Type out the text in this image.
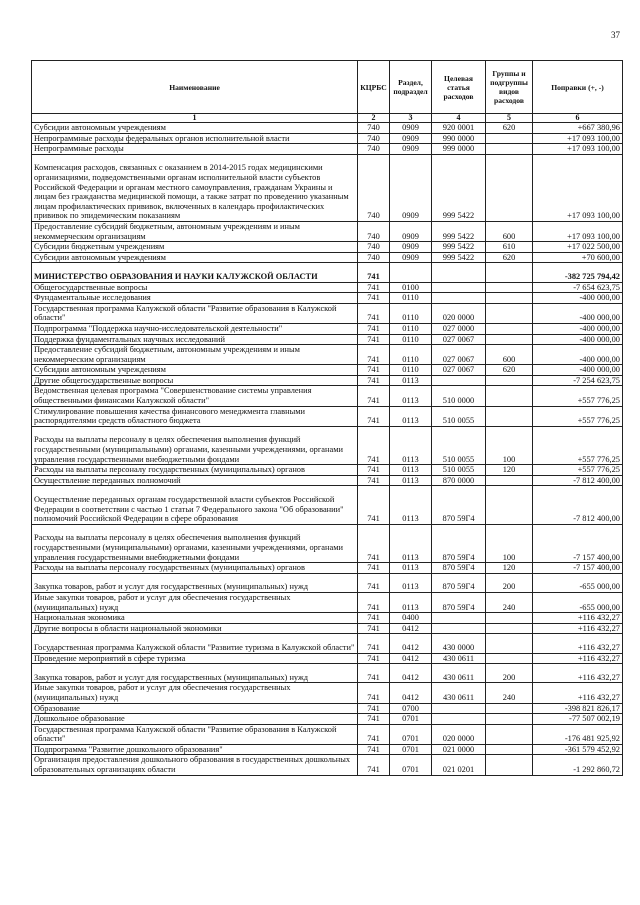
37
Наименование	КЦРБС	Раздел, подраздел	Целевая статья расходов	Группы и подгруппы видов расходов	Поправки (+, -)
1	2	3	4	5	6
Субсидии автономным учреждениям	740	0909	920 0001	620	+667 380,96
Непрограммные расходы федеральных органов исполнительной власти	740	0909	990 0000		+17 093 100,00
Непрограммные расходы	740	0909	999 0000		+17 093 100,00
Компенсация расходов, связанных с оказанием в 2014-2015 годах медицинскими организациями, подведомственными органам исполнительной власти субъектов Российской Федерации и органам местного самоуправления, гражданам Украины и лицам без гражданства медицинской помощи, а также затрат по проведению указанным лицам профилактических прививок, включенных в календарь профилактических прививок по эпидемическим показаниям	740	0909	999 5422		+17 093 100,00
Предоставление субсидий бюджетным, автономным учреждениям и иным некоммерческим организациям	740	0909	999 5422	600	+17 093 100,00
Субсидии бюджетным учреждениям	740	0909	999 5422	610	+17 022 500,00
Субсидии автономным учреждениям	740	0909	999 5422	620	+70 600,00
МИНИСТЕРСТВО ОБРАЗОВАНИЯ И НАУКИ КАЛУЖСКОЙ ОБЛАСТИ	741				-382 725 794,42
Общегосударственные вопросы	741	0100			-7 654 623,75
Фундаментальные исследования	741	0110			-400 000,00
Государственная программа Калужской области "Развитие образования в Калужской области"	741	0110	020 0000		-400 000,00
Подпрограмма "Поддержка научно-исследовательской деятельности"	741	0110	027 0000		-400 000,00
Поддержка фундаментальных научных исследований	741	0110	027 0067		-400 000,00
Предоставление субсидий бюджетным, автономным учреждениям и иным некоммерческим организациям	741	0110	027 0067	600	-400 000,00
Субсидии автономным учреждениям	741	0110	027 0067	620	-400 000,00
Другие общегосударственные вопросы	741	0113			-7 254 623,75
Ведомственная целевая программа "Совершенствование системы управления общественными финансами Калужской области"	741	0113	510 0000		+557 776,25
Стимулирование повышения качества финансового менеджмента главными распорядителями средств областного бюджета	741	0113	510 0055		+557 776,25
Расходы на выплаты персоналу в целях обеспечения выполнения функций государственными (муниципальными) органами, казенными учреждениями, органами управления государственными внебюджетными фондами	741	0113	510 0055	100	+557 776,25
Расходы на выплаты персоналу государственных (муниципальных) органов	741	0113	510 0055	120	+557 776,25
Осуществление переданных полномочий	741	0113	870 0000		-7 812 400,00
Осуществление переданных органам государственной власти субъектов Российской Федерации в соответствии с частью 1 статьи 7 Федерального закона "Об образовании" полномочий Российской Федерации в сфере образования	741	0113	870 59Г4		-7 812 400,00
Расходы на выплаты персоналу в целях обеспечения выполнения функций государственными (муниципальными) органами, казенными учреждениями, органами управления государственными внебюджетными фондами	741	0113	870 59Г4	100	-7 157 400,00
Расходы на выплаты персоналу государственных (муниципальных) органов	741	0113	870 59Г4	120	-7 157 400,00
Закупка товаров, работ и услуг для государственных (муниципальных) нужд	741	0113	870 59Г4	200	-655 000,00
Иные закупки товаров, работ и услуг для обеспечения государственных (муниципальных) нужд	741	0113	870 59Г4	240	-655 000,00
Национальная экономика	741	0400			+116 432,27
Другие вопросы в области национальной экономики	741	0412			+116 432,27
Государственная программа Калужской области "Развитие туризма в Калужской области"	741	0412	430 0000		+116 432,27
Проведение мероприятий в сфере туризма	741	0412	430 0611		+116 432,27
Закупка товаров, работ и услуг для государственных (муниципальных) нужд	741	0412	430 0611	200	+116 432,27
Иные закупки товаров, работ и услуг для обеспечения государственных (муниципальных) нужд	741	0412	430 0611	240	+116 432,27
Образование	741	0700			-398 821 826,17
Дошкольное образование	741	0701			-77 507 002,19
Государственная программа Калужской области "Развитие образования в Калужской области"	741	0701	020 0000		-176 481 925,92
Подпрограмма "Развитие дошкольного образования"	741	0701	021 0000		-361 579 452,92
Организация предоставления дошкольного образования в государственных дошкольных образовательных организациях области	741	0701	021 0201		-1 292 860,72
